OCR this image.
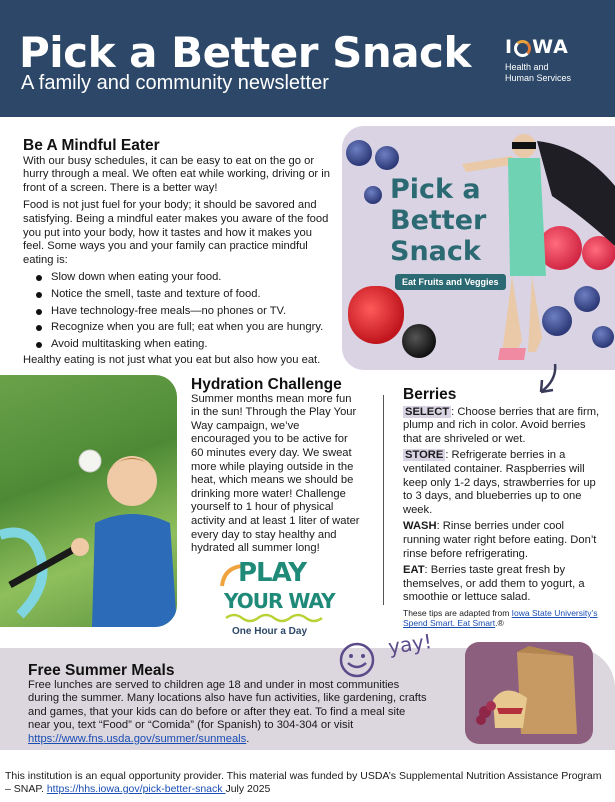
Pick a Better Snack
A family and community newsletter
I WA
Health and
Human Services
Be A Mindful Eater

With our busy schedules, it can be easy to eat on the go or hurry through a meal. We often eat while working, driving or in front of a screen. There is a better way!

Food is not just fuel for your body; it should be savored and satisfying. Being a mindful eater makes you aware of the food you put into your body, how it tastes and how it makes you feel. Some ways you and your family can practice mindful eating is:

Slow down when eating your food.
Notice the smell, taste and texture of food.
Have technology-free meals—no phones or TV.
Recognize when you are full; eat when you are hungry.
Avoid multitasking when eating.

Healthy eating is not just what you eat but also how you eat.

Pick a
Better
Snack
Eat Fruits and Veggies
Hydration Challenge

Summer months mean more fun in the sun! Through the Play Your Way campaign, we’ve encouraged you to be active for 60 minutes every day. We sweat more while playing outside in the heat, which means we should be drinking more water! Challenge yourself to 1 hour of physical activity and at least 1 liter of water every day to stay healthy and hydrated all summer long!

PLAY
YOUR WAY
One Hour a Day
Berries

SELECT : Choose berries that are firm, plump and rich in color. Avoid berries that are shriveled or wet.

STORE : Refrigerate berries in a ventilated container. Raspberries will keep only 1-2 days, strawberries for up to 3 days, and blueberries up to one week.

WASH: Rinse berries under cool running water right before eating. Don’t rinse before refrigerating.

EAT: Berries taste great fresh by themselves, or add them to yogurt, a smoothie or lettuce salad.

These tips are adapted from Iowa State University’s Spend Smart. Eat Smart.®

yay!
Free Summer Meals

Free lunches are served to children age 18 and under in most communities during the summer. Many locations also have fun activities, like gardening, crafts and games, that your kids can do before or after they eat. To find a meal site near you, text “Food” or “Comida” (for Spanish) to 304-304 or visit https://www.fns.usda.gov/summer/sunmeals.

This institution is an equal opportunity provider. This material was funded by USDA’s Supplemental Nutrition Assistance Program – SNAP. https://hhs.iowa.gov/pick-better-snack July 2025
